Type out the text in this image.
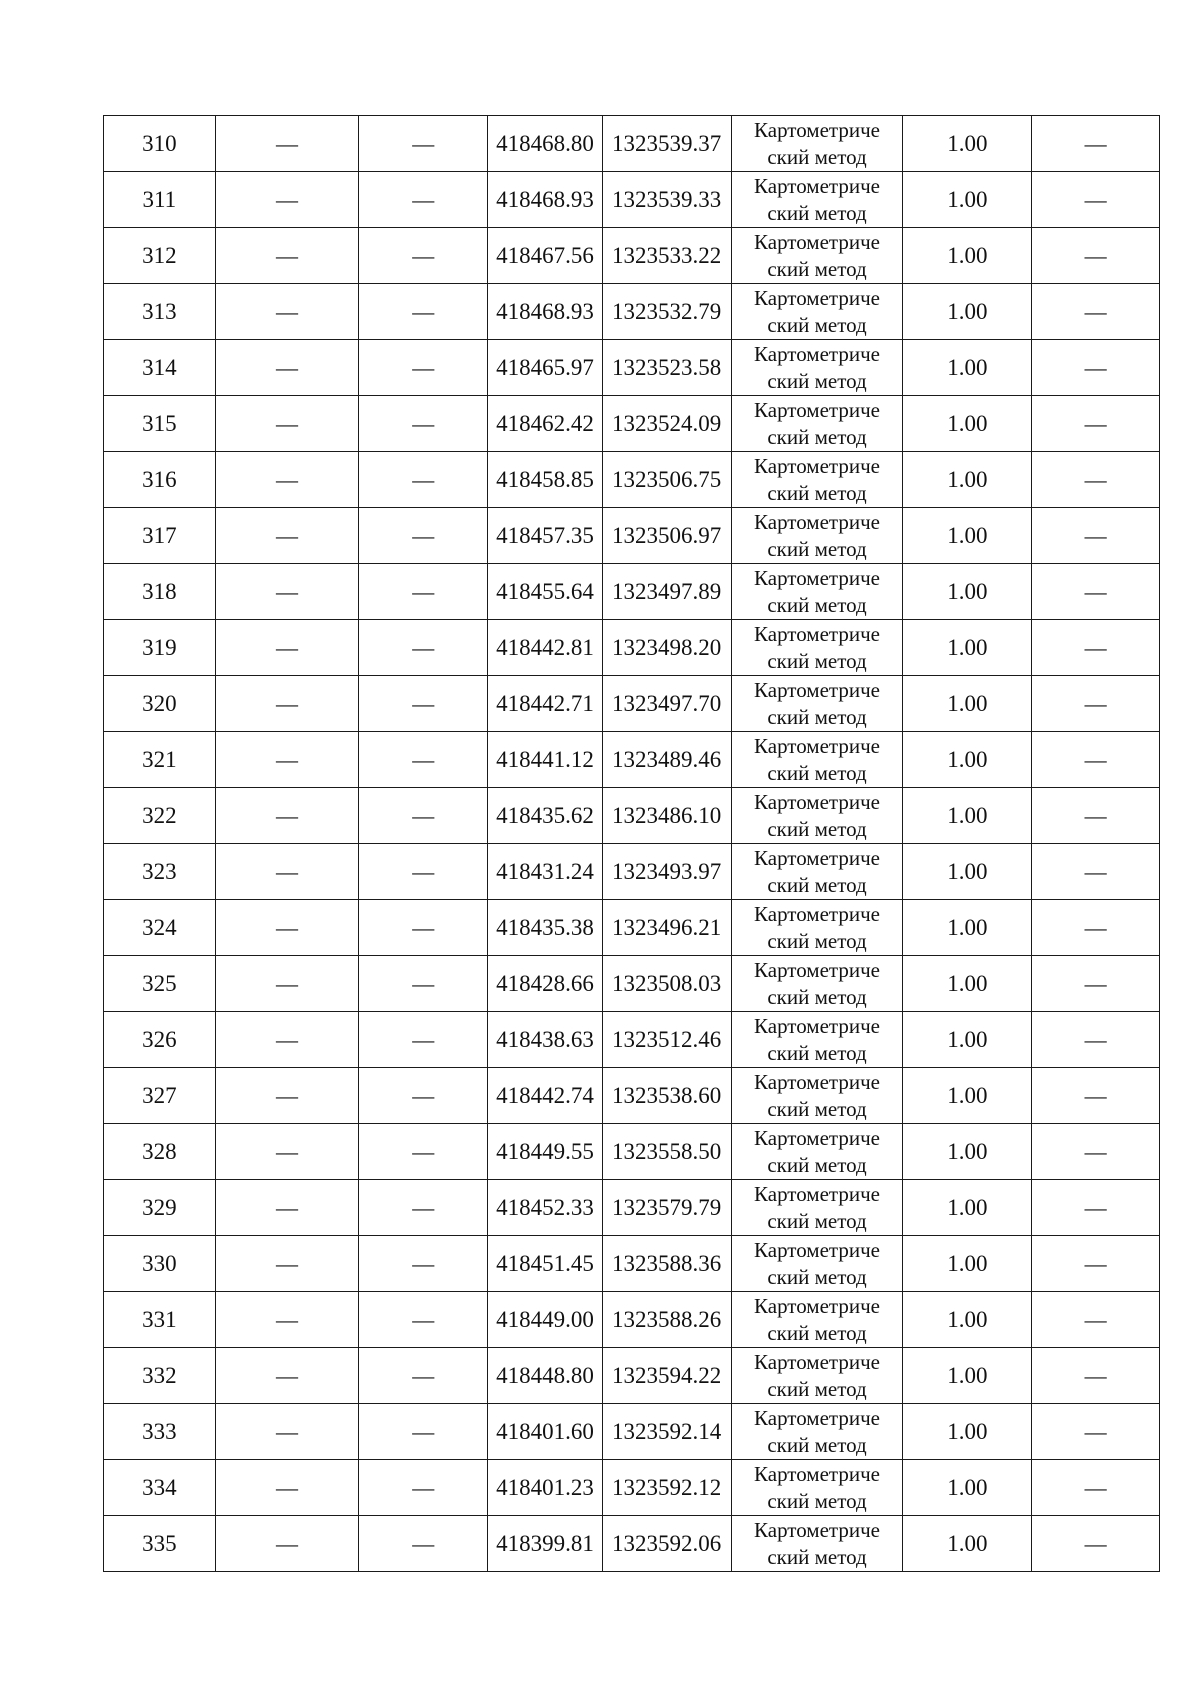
310	—	—	418468.80	1323539.37	Картометриче
ский метод	1.00	—
311	—	—	418468.93	1323539.33	Картометриче
ский метод	1.00	—
312	—	—	418467.56	1323533.22	Картометриче
ский метод	1.00	—
313	—	—	418468.93	1323532.79	Картометриче
ский метод	1.00	—
314	—	—	418465.97	1323523.58	Картометриче
ский метод	1.00	—
315	—	—	418462.42	1323524.09	Картометриче
ский метод	1.00	—
316	—	—	418458.85	1323506.75	Картометриче
ский метод	1.00	—
317	—	—	418457.35	1323506.97	Картометриче
ский метод	1.00	—
318	—	—	418455.64	1323497.89	Картометриче
ский метод	1.00	—
319	—	—	418442.81	1323498.20	Картометриче
ский метод	1.00	—
320	—	—	418442.71	1323497.70	Картометриче
ский метод	1.00	—
321	—	—	418441.12	1323489.46	Картометриче
ский метод	1.00	—
322	—	—	418435.62	1323486.10	Картометриче
ский метод	1.00	—
323	—	—	418431.24	1323493.97	Картометриче
ский метод	1.00	—
324	—	—	418435.38	1323496.21	Картометриче
ский метод	1.00	—
325	—	—	418428.66	1323508.03	Картометриче
ский метод	1.00	—
326	—	—	418438.63	1323512.46	Картометриче
ский метод	1.00	—
327	—	—	418442.74	1323538.60	Картометриче
ский метод	1.00	—
328	—	—	418449.55	1323558.50	Картометриче
ский метод	1.00	—
329	—	—	418452.33	1323579.79	Картометриче
ский метод	1.00	—
330	—	—	418451.45	1323588.36	Картометриче
ский метод	1.00	—
331	—	—	418449.00	1323588.26	Картометриче
ский метод	1.00	—
332	—	—	418448.80	1323594.22	Картометриче
ский метод	1.00	—
333	—	—	418401.60	1323592.14	Картометриче
ский метод	1.00	—
334	—	—	418401.23	1323592.12	Картометриче
ский метод	1.00	—
335	—	—	418399.81	1323592.06	Картометриче
ский метод	1.00	—
